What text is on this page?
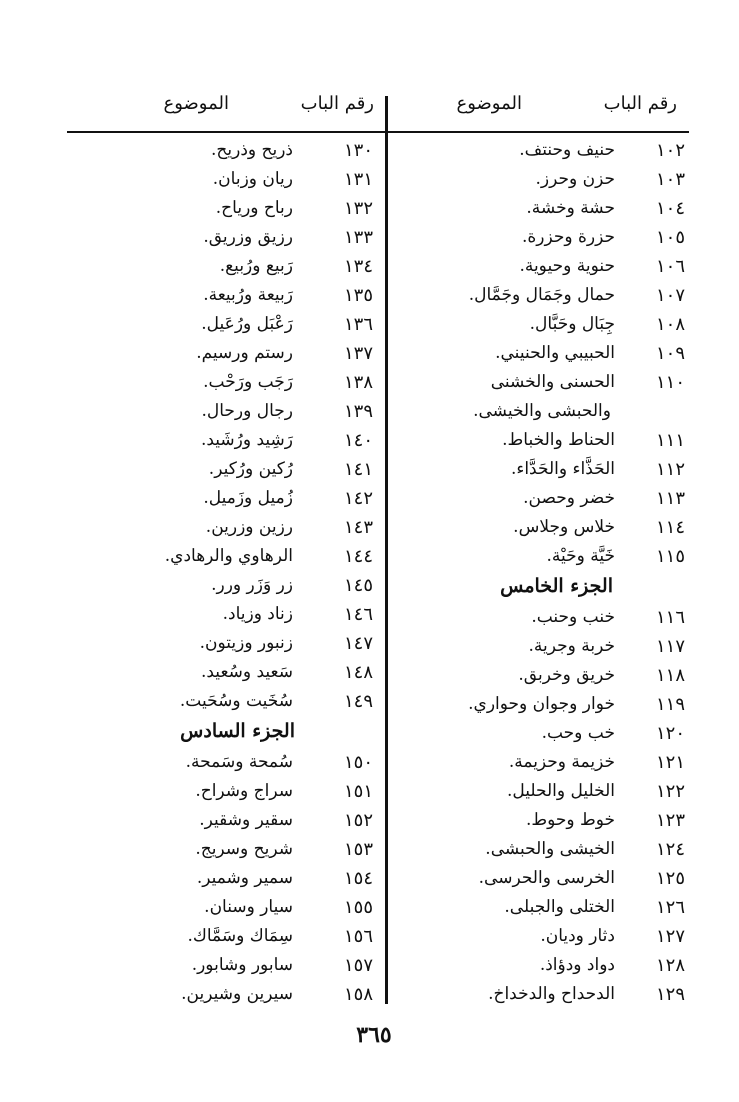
رقم الباب
الموضوع
رقم الباب
الموضوع
١٠٢
حنيف وحنتف.
١٠٣
حزن وحرز.
١٠٤
حشة وخشة.
١٠٥
حزرة وحزرة.
١٠٦
حنوية وحيوية.
١٠٧
حمال وجَمَال وجَمَّال.
١٠٨
جِبَال وحَبَّال.
١٠٩
الحبيبي والحنيني.
١١٠
الحسنى والخشنى
والحبشى والخيشى.
١١١
الحناط والخباط.
١١٢
الحَذَّاء والحَدَّاء.
١١٣
خضر وحصن.
١١٤
خلاس وجلاس.
١١٥
خَيَّة وحَيْة.
الجزء الخامس
١١٦
خنب وحنب.
١١٧
خربة وجرية.
١١٨
خريق وخربق.
١١٩
خوار وجوان وحواري.
١٢٠
خب وحب.
١٢١
خزيمة وحزيمة.
١٢٢
الخليل والحليل.
١٢٣
خوط وحوط.
١٢٤
الخيشى والحبشى.
١٢٥
الخرسى والحرسى.
١٢٦
الختلى والجبلى.
١٢٧
دثار وديان.
١٢٨
دواد ودؤاذ.
١٢٩
الدحداح والدخداخ.
١٣٠
ذريح وذريح.
١٣١
ريان وزبان.
١٣٢
رباح ورياح.
١٣٣
رزيق وزريق.
١٣٤
رَبيع ورُبيع.
١٣٥
رَبيعة ورُبيعة.
١٣٦
رَعْبَل ورُعَيل.
١٣٧
رستم ورسيم.
١٣٨
رَجَب ورَحْب.
١٣٩
رجال ورحال.
١٤٠
رَشِيد ورُشَيد.
١٤١
رُكين ورُكير.
١٤٢
زُميل وزَميل.
١٤٣
رزين وزرين.
١٤٤
الرهاوي والرهادي.
١٤٥
زر وَزَر ورر.
١٤٦
زناد وزياد.
١٤٧
زنبور وزيتون.
١٤٨
سَعيد وسُعيد.
١٤٩
سُخَيت وسُحَيت.
الجزء السادس
١٥٠
سُمحة وسَمحة.
١٥١
سراج وشراح.
١٥٢
سقير وشقير.
١٥٣
شريح وسريج.
١٥٤
سمير وشمير.
١٥٥
سيار وسنان.
١٥٦
سِمَاك وسَمَّاك.
١٥٧
سابور وشابور.
١٥٨
سيرين وشيرين.
٣٦٥
